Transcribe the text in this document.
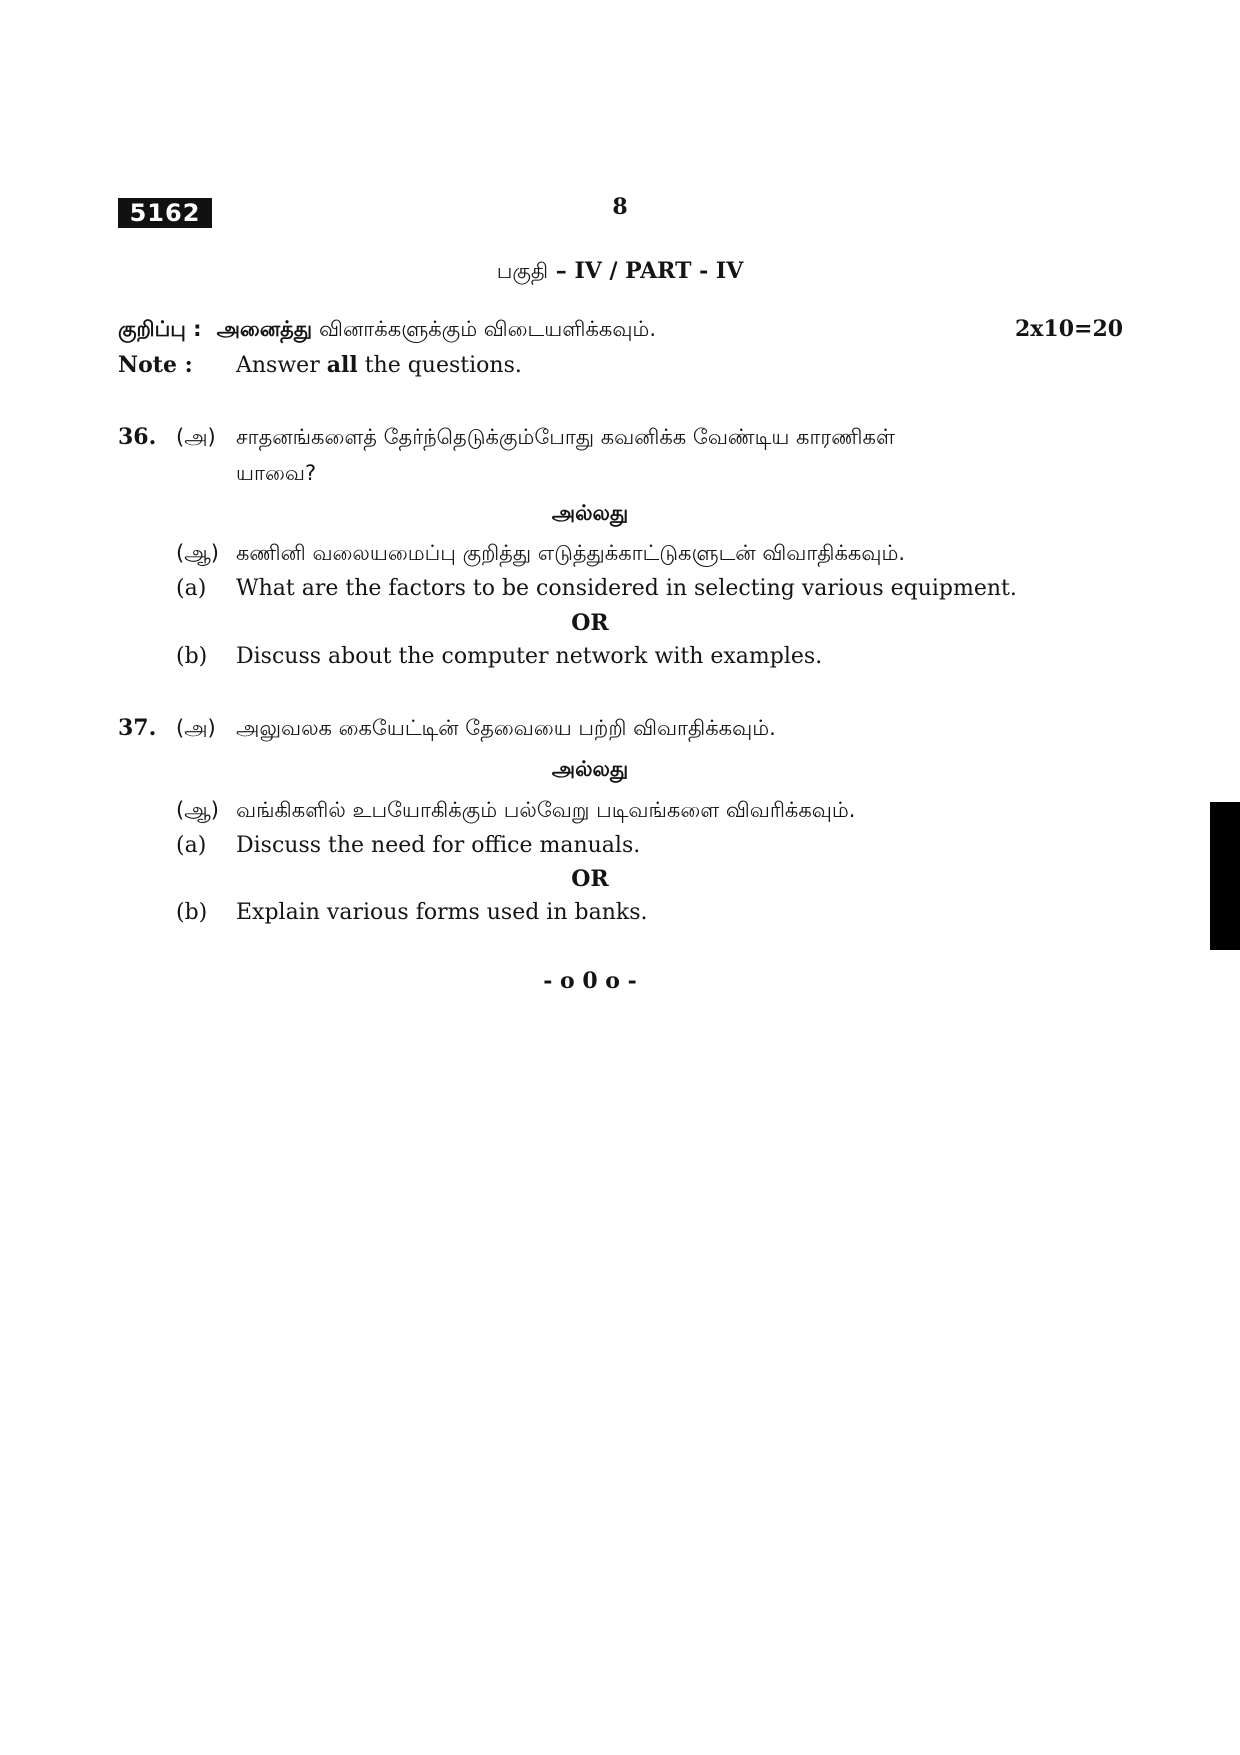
5162	8
பகுதி – IV / PART - IV
குறிப்பு : அனைத்து வினாக்களுக்கும் விடையளிக்கவும்.	2x10=20
Note : Answer all the questions.
36. (அ) சாதனங்களைத் தேர்ந்தெடுக்கும்போது கவனிக்க வேண்டிய காரணிகள்
யாவை?
அல்லது
(ஆ) கணினி வலையமைப்பு குறித்து எடுத்துக்காட்டுகளுடன் விவாதிக்கவும்.
(a) What are the factors to be considered in selecting various equipment.
OR
(b) Discuss about the computer network with examples.
37. (அ) அலுவலக கையேட்டின் தேவையை பற்றி விவாதிக்கவும்.
அல்லது
(ஆ) வங்கிகளில் உபயோகிக்கும் பல்வேறு படிவங்களை விவரிக்கவும்.
(a) Discuss the need for office manuals.
OR
(b) Explain various forms used in banks.
- o 0 o -
